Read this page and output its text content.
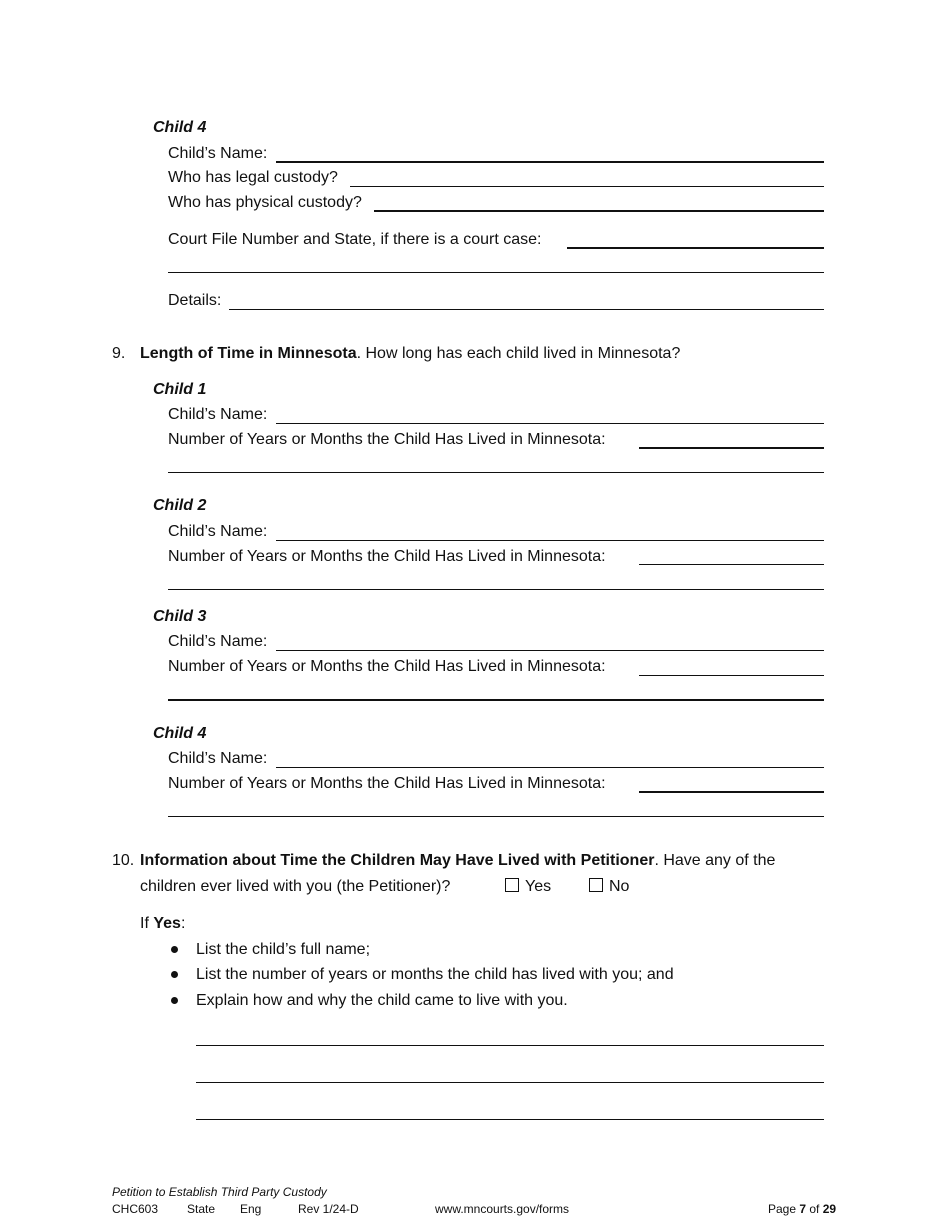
Child 4
Child’s Name:
Who has legal custody?
Who has physical custody?
Court File Number and State, if there is a court case:
Details:
9. Length of Time in Minnesota. How long has each child lived in Minnesota?
Child 1
Child’s Name:
Number of Years or Months the Child Has Lived in Minnesota:
Child 2
Child’s Name:
Number of Years or Months the Child Has Lived in Minnesota:
Child 3
Child’s Name:
Number of Years or Months the Child Has Lived in Minnesota:
Child 4
Child’s Name:
Number of Years or Months the Child Has Lived in Minnesota:
10. Information about Time the Children May Have Lived with Petitioner. Have any of the
children ever lived with you (the Petitioner)?	Yes	No
If Yes:
List the child’s full name;
List the number of years or months the child has lived with you; and
Explain how and why the child came to live with you.
Petition to Establish Third Party Custody
CHC603 State Eng	Rev 1/24-D	www.mncourts.gov/forms	Page 7 of 29
